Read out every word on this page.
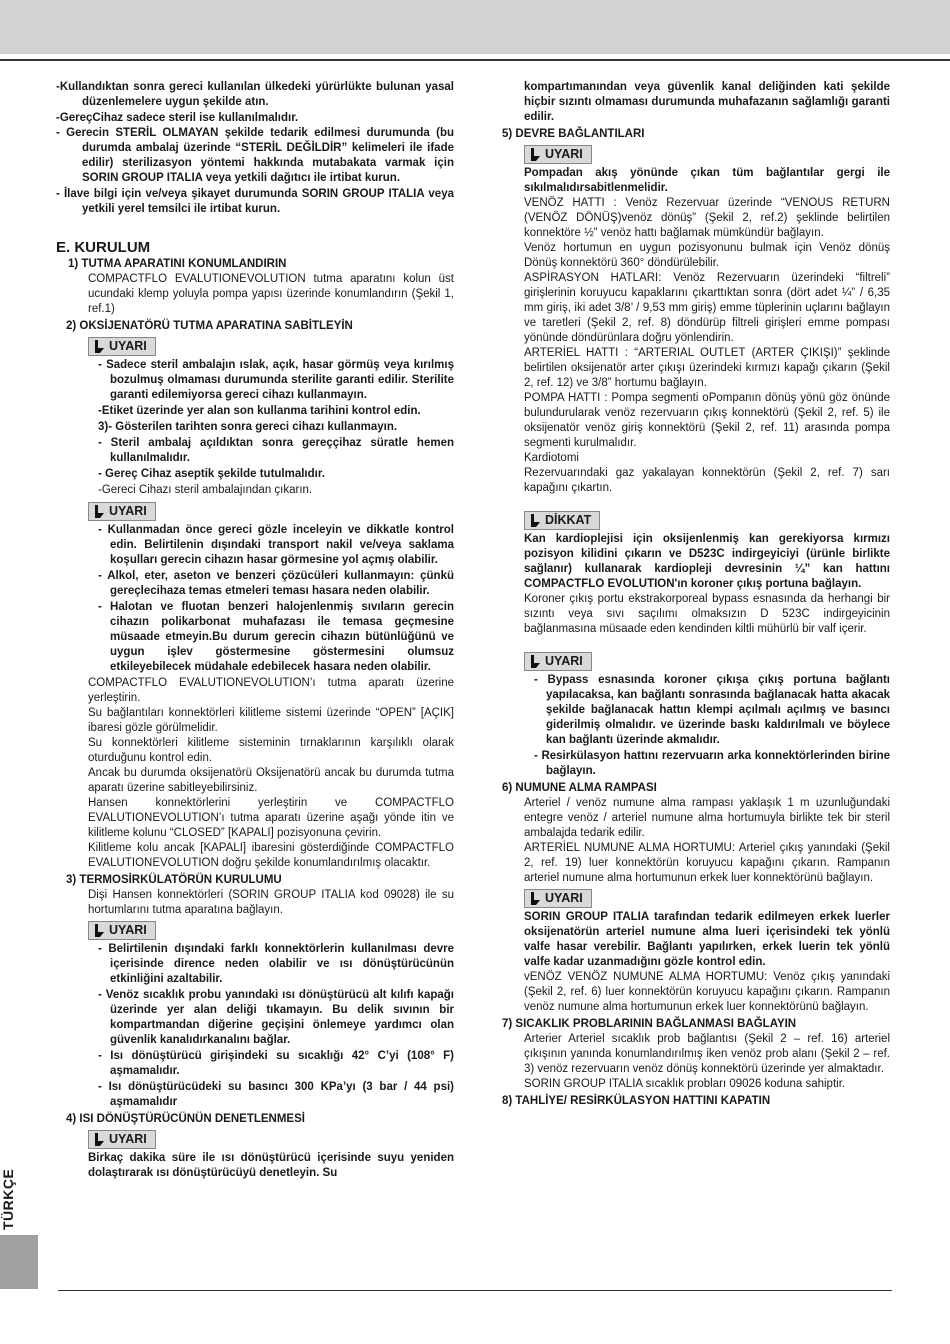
-Kullandıktan sonra gereci kullanılan ülkedeki yürürlükte bulunan yasal düzenlemelere uygun şekilde atın.

-GereçCihaz sadece steril ise kullanılmalıdır.

- Gerecin STERİL OLMAYAN şekilde tedarik edilmesi durumunda (bu durumda ambalaj üzerinde “STERİL DEĞİLDİR” kelimeleri ile ifade edilir) sterilizasyon yöntemi hakkında mutabakata varmak için SORIN GROUP ITALIA veya yetkili dağıtıcı ile irtibat kurun.

- İlave bilgi için ve/veya şikayet durumunda SORIN GROUP ITALIA veya yetkili yerel temsilci ile irtibat kurun.

E. KURULUM

1) TUTMA APARATINI KONUMLANDIRIN

COMPACTFLO EVALUTIONEVOLUTION tutma aparatını kolun üst ucundaki klemp yoluyla pompa yapısı üzerinde konumlandırın (Şekil 1, ref.1)

2) OKSİJENATÖRÜ TUTMA APARATINA SABİTLEYİN

UYARI

- Sadece steril ambalajın ıslak, açık, hasar görmüş veya kırılmış bozulmuş olmaması durumunda sterilite garanti edilir. Sterilite garanti edilemiyorsa gereci cihazı kullanmayın.

-Etiket üzerinde yer alan son kullanma tarihini kontrol edin.

3)- Gösterilen tarihten sonra gereci cihazı kullanmayın.

- Steril ambalaj açıldıktan sonra gereççihaz süratle hemen kullanılmalıdır.

- Gereç Cihaz aseptik şekilde tutulmalıdır.

-Gereci Cihazı steril ambalajından çıkarın.

UYARI

- Kullanmadan önce gereci gözle inceleyin ve dikkatle kontrol edin. Belirtilenin dışındaki transport nakil ve/veya saklama koşulları gerecin cihazın hasar görmesine yol açmış olabilir.

- Alkol, eter, aseton ve benzeri çözücüleri kullanmayın: çünkü gereçlecihaza temas etmeleri teması hasara neden olabilir.

- Halotan ve fluotan benzeri halojenlenmiş sıvıların gerecin cihazın polikarbonat muhafazası ile temasa geçmesine müsaade etmeyin.Bu durum gerecin cihazın bütünlüğünü ve uygun işlev göstermesine göstermesini olumsuz etkileyebilecek müdahale edebilecek hasara neden olabilir.

COMPACTFLO EVALUTIONEVOLUTION’ı tutma aparatı üzerine yerleştirin.

Su bağlantıları konnektörleri kilitleme sistemi üzerinde “OPEN” [AÇIK] ibaresi gözle görülmelidir.

Su konnektörleri kilitleme sisteminin tırnaklarının karşılıklı olarak oturduğunu kontrol edin.

Ancak bu durumda oksijenatörü Oksijenatörü ancak bu durumda tutma aparatı üzerine sabitleyebilirsiniz.

Hansen konnektörlerini yerleştirin ve COMPACTFLO EVALUTIONEVOLUTION’ı tutma aparatı üzerine aşağı yönde itin ve kilitleme kolunu “CLOSED” [KAPALI] pozisyonuna çevirin.

Kilitleme kolu ancak [KAPALI] ibaresini gösterdiğinde COMPACTFLO EVALUTIONEVOLUTION doğru şekilde konumlandırılmış olacaktır.

3) TERMOSİRKÜLATÖRÜN KURULUMU

Dişi Hansen konnektörleri (SORIN GROUP ITALIA kod 09028) ile su hortumlarını tutma aparatına bağlayın.

UYARI

- Belirtilenin dışındaki farklı konnektörlerin kullanılması devre içerisinde dirence neden olabilir ve ısı dönüştürücünün etkinliğini azaltabilir.

- Venöz sıcaklık probu yanındaki ısı dönüştürücü alt kılıfı kapağı üzerinde yer alan deliği tıkamayın. Bu delik sıvının bir kompartmandan diğerine geçişini önlemeye yardımcı olan güvenlik kanalıdırkanalını bağlar.

- Isı dönüştürücü girişindeki su sıcaklığı 42° C’yi (108° F) aşmamalıdır.

- Isı dönüştürücüdeki su basıncı 300 KPa’yı (3 bar / 44 psi) aşmamalıdır

4) ISI DÖNÜŞTÜRÜCÜNÜN DENETLENMESİ

UYARI

Birkaç dakika süre ile ısı dönüştürücü içerisinde suyu yeniden dolaştırarak ısı dönüştürücüyü denetleyin. Su

kompartımanından veya güvenlik kanal deliğinden kati şekilde hiçbir sızıntı olmaması durumunda muhafazanın sağlamlığı garanti edilir.

5) DEVRE BAĞLANTILARI

UYARI

Pompadan akış yönünde çıkan tüm bağlantılar gergi ile sıkılmalıdırsabitlenmelidir.

VENÖZ HATTI : Venöz Rezervuar üzerinde “VENOUS RETURN (VENÖZ DÖNÜŞ)venöz dönüş” (Şekil 2, ref.2) şeklinde belirtilen konnektöre ½” venöz hattı bağlamak mümkündür bağlayın.

Venöz hortumun en uygun pozisyonunu bulmak için Venöz dönüş Dönüş konnektörü 360° döndürülebilir.

ASPİRASYON HATLARI: Venöz Rezervuarın üzerindeki “filtreli” girişlerinin koruyucu kapaklarını çıkarttıktan sonra (dört adet ¼” / 6,35 mm giriş, iki adet 3/8’ / 9,53 mm giriş) emme tüplerinin uçlarını bağlayın ve taretleri (Şekil 2, ref. 8) döndürüp filtreli girişleri emme pompası yönünde döndürünlara doğru yönlendirin.

ARTERİEL HATTI : “ARTERIAL OUTLET (ARTER ÇIKIŞI)” şeklinde belirtilen oksijenatör arter çıkışı üzerindeki kırmızı kapağı çıkarın (Şekil 2, ref. 12) ve 3/8” hortumu bağlayın.

POMPA HATTI : Pompa segmenti oPompanın dönüş yönü göz önünde bulundurularak venöz rezervuarın çıkış konnektörü (Şekil 2, ref. 5) ile oksijenatör venöz giriş konnektörü (Şekil 2, ref. 11) arasında pompa segmenti kurulmalıdır.

Kardiotomi

Rezervuarındaki gaz yakalayan konnektörün (Şekil 2, ref. 7) sarı kapağını çıkartın.

DİKKAT

Kan kardioplejisi için oksijenlenmiş kan gerekiyorsa kırmızı pozisyon kilidini çıkarın ve D523C indirgeyiciyi (ürünle birlikte sağlanır) kullanarak kardiopleji devresinin ¼” kan hattını COMPACTFLO EVOLUTION'ın koroner çıkış portuna bağlayın.

Koroner çıkış portu ekstrakorporeal bypass esnasında da herhangi bir sızıntı veya sıvı saçılımı olmaksızın D 523C indirgeyicinin bağlanmasına müsaade eden kendinden kiltli mühürlü bir valf içerir.

UYARI

- Bypass esnasında koroner çıkışa çıkış portuna bağlantı yapılacaksa, kan bağlantı sonrasında bağlanacak hatta akacak şekilde bağlanacak hattın klempi açılmalı açılmış ve basıncı giderilmiş olmalıdır. ve üzerinde baskı kaldırılmalı ve böylece kan bağlantı üzerinde akmalıdır.

- Resirkülasyon hattını rezervuarın arka konnektörlerinden birine bağlayın.

6) NUMUNE ALMA RAMPASI

Arteriel / venöz numune alma rampası yaklaşık 1 m uzunluğundaki entegre venöz / arteriel numune alma hortumuyla birlikte tek bir steril ambalajda tedarik edilir.

ARTERİEL NUMUNE ALMA HORTUMU: Arteriel çıkış yanındaki (Şekil 2, ref. 19) luer konnektörün koruyucu kapağını çıkarın. Rampanın arteriel numune alma hortumunun erkek luer konnektörünü bağlayın.

UYARI

SORIN GROUP ITALIA tarafından tedarik edilmeyen erkek luerler oksijenatörün arteriel numune alma lueri içerisindeki tek yönlü valfe hasar verebilir. Bağlantı yapılırken, erkek luerin tek yönlü valfe kadar uzanmadığını gözle kontrol edin.

vENÖZ VENÖZ NUMUNE ALMA HORTUMU: Venöz çıkış yanındaki (Şekil 2, ref. 6) luer konnektörün koruyucu kapağını çıkarın. Rampanın venöz numune alma hortumunun erkek luer konnektörünü bağlayın.

7) SICAKLIK PROBLARININ BAĞLANMASI BAĞLAYIN

Arterier Arteriel sıcaklık prob bağlantısı (Şekil 2 – ref. 16) arteriel çıkışının yanında konumlandırılmış iken venöz prob alanı (Şekil 2 – ref. 3) venöz rezervuarın venöz dönüş konnektörü üzerinde yer almaktadır.

SORIN GROUP ITALIA sıcaklık probları 09026 koduna sahiptir.

8) TAHLİYE/ RESİRKÜLASYON HATTINI KAPATIN

TÜRKÇE
